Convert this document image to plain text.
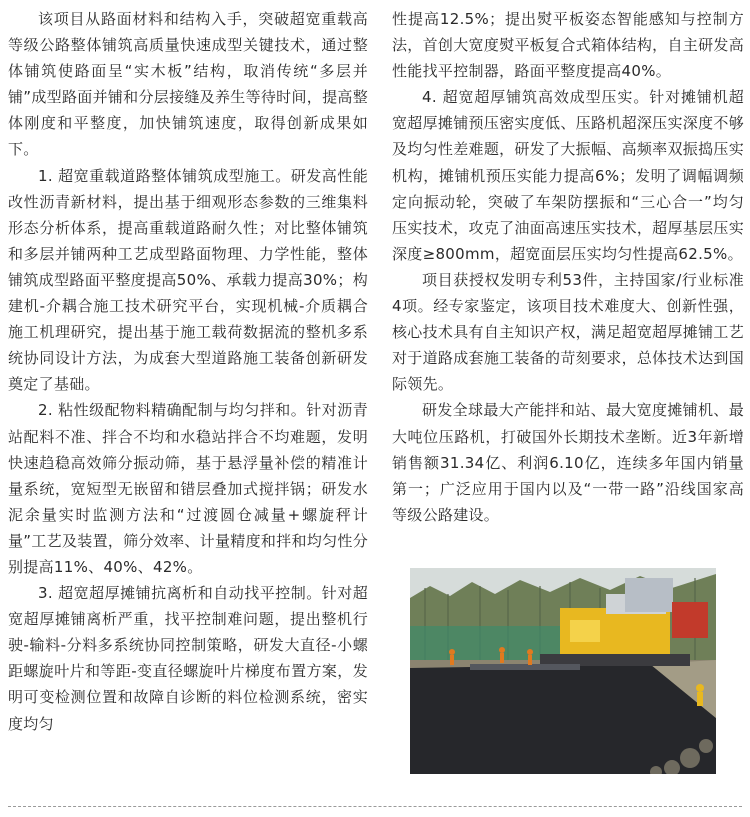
该项目从路面材料和结构入手，突破超宽重载高等级公路整体铺筑高质量快速成型关键技术，通过整体铺筑使路面呈“实木板”结构，取消传统“多层并铺”成型路面并铺和分层接缝及养生等待时间，提高整体刚度和平整度，加快铺筑速度，取得创新成果如下。

1. 超宽重载道路整体铺筑成型施工。研发高性能改性沥青新材料，提出基于细观形态参数的三维集料形态分析体系，提高重载道路耐久性；对比整体铺筑和多层并铺两种工艺成型路面物理、力学性能，整体铺筑成型路面平整度提高50%、承载力提高30%；构建机-介耦合施工技术研究平台，实现机械-介质耦合施工机理研究，提出基于施工载荷数据流的整机多系统协同设计方法，为成套大型道路施工装备创新研发奠定了基础。

2. 粘性级配物料精确配制与均匀拌和。针对沥青站配料不准、拌合不均和水稳站拌合不均难题，发明快速趋稳高效筛分振动筛，基于悬浮量补偿的精准计量系统，宽短型无嵌留和错层叠加式搅拌锅；研发水泥余量实时监测方法和“过渡圆仓减量+螺旋秤计量”工艺及装置，筛分效率、计量精度和拌和均匀性分别提高11%、40%、42%。

3. 超宽超厚摊铺抗离析和自动找平控制。针对超宽超厚摊铺离析严重，找平控制难问题，提出整机行驶-输料-分料多系统协同控制策略，研发大直径-小螺距螺旋叶片和等距-变直径螺旋叶片梯度布置方案，发明可变检测位置和故障自诊断的料位检测系统，密实度均匀

性提高12.5%；提出熨平板姿态智能感知与控制方法，首创大宽度熨平板复合式箱体结构，自主研发高性能找平控制器，路面平整度提高40%。

4. 超宽超厚铺筑高效成型压实。针对摊铺机超宽超厚摊铺预压密实度低、压路机超深压实深度不够及均匀性差难题，研发了大振幅、高频率双振捣压实机构，摊铺机预压实能力提高6%；发明了调幅调频定向振动轮，突破了车架防摆振和“三心合一”均匀压实技术，攻克了油面高速压实技术，超厚基层压实深度≥800mm，超宽面层压实均匀性提高62.5%。

项目获授权发明专利53件，主持国家/行业标准4项。经专家鉴定，该项目技术难度大、创新性强，核心技术具有自主知识产权，满足超宽超厚摊铺工艺对于道路成套施工装备的苛刻要求，总体技术达到国际领先。

研发全球最大产能拌和站、最大宽度摊铺机、最大吨位压路机，打破国外长期技术垄断。近3年新增销售额31.34亿、利润6.10亿，连续多年国内销量第一；广泛应用于国内以及“一带一路”沿线国家高等级公路建设。
